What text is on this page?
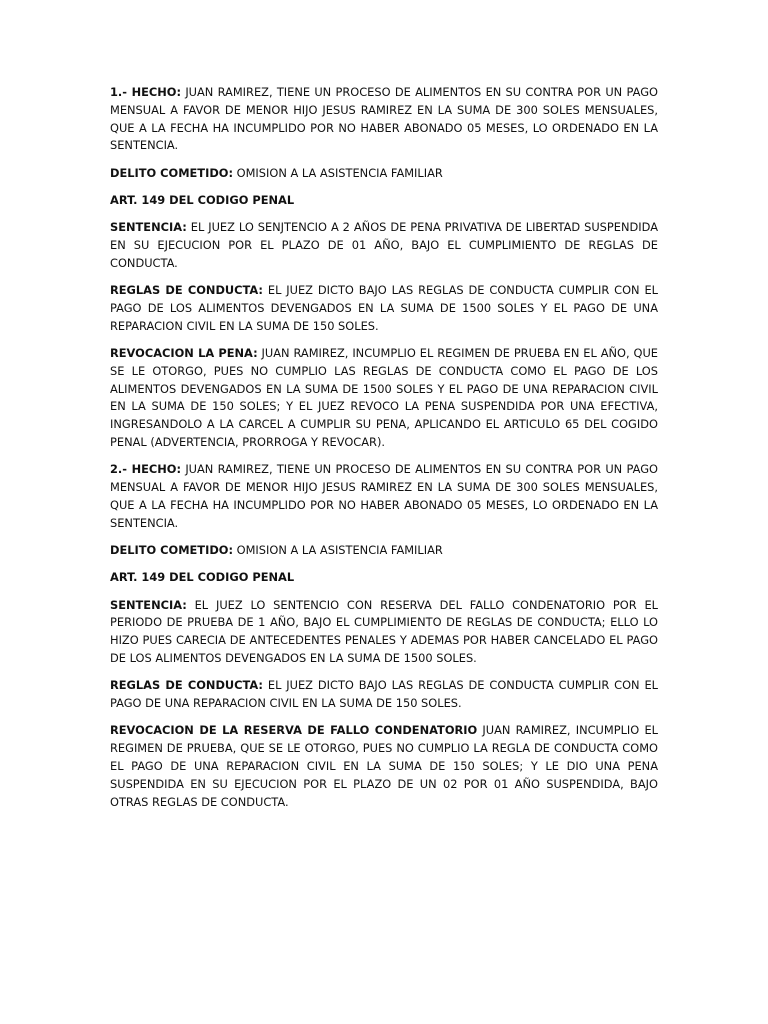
1.- HECHO: JUAN RAMIREZ, TIENE UN PROCESO DE ALIMENTOS EN SU CONTRA POR UN PAGO MENSUAL A FAVOR DE MENOR HIJO JESUS RAMIREZ EN LA SUMA DE 300 SOLES MENSUALES, QUE A LA FECHA HA INCUMPLIDO POR NO HABER ABONADO 05 MESES, LO ORDENADO EN LA SENTENCIA.

DELITO COMETIDO: OMISION A LA ASISTENCIA FAMILIAR

ART. 149 DEL CODIGO PENAL

SENTENCIA: EL JUEZ LO SENJTENCIO A 2 AÑOS DE PENA PRIVATIVA DE LIBERTAD SUSPENDIDA EN SU EJECUCION POR EL PLAZO DE 01 AÑO, BAJO EL CUMPLIMIENTO DE REGLAS DE CONDUCTA.

REGLAS DE CONDUCTA: EL JUEZ DICTO BAJO LAS REGLAS DE CONDUCTA CUMPLIR CON EL PAGO DE LOS ALIMENTOS DEVENGADOS EN LA SUMA DE 1500 SOLES Y EL PAGO DE UNA REPARACION CIVIL EN LA SUMA DE 150 SOLES.

REVOCACION LA PENA: JUAN RAMIREZ, INCUMPLIO EL REGIMEN DE PRUEBA EN EL AÑO, QUE SE LE OTORGO, PUES NO CUMPLIO LAS REGLAS DE CONDUCTA COMO EL PAGO DE LOS ALIMENTOS DEVENGADOS EN LA SUMA DE 1500 SOLES Y EL PAGO DE UNA REPARACION CIVIL EN LA SUMA DE 150 SOLES; Y EL JUEZ REVOCO LA PENA SUSPENDIDA POR UNA EFECTIVA, INGRESANDOLO A LA CARCEL A CUMPLIR SU PENA, APLICANDO EL ARTICULO 65 DEL COGIDO PENAL (ADVERTENCIA, PRORROGA Y REVOCAR).

2.- HECHO: JUAN RAMIREZ, TIENE UN PROCESO DE ALIMENTOS EN SU CONTRA POR UN PAGO MENSUAL A FAVOR DE MENOR HIJO JESUS RAMIREZ EN LA SUMA DE 300 SOLES MENSUALES, QUE A LA FECHA HA INCUMPLIDO POR NO HABER ABONADO 05 MESES, LO ORDENADO EN LA SENTENCIA.

DELITO COMETIDO: OMISION A LA ASISTENCIA FAMILIAR

ART. 149 DEL CODIGO PENAL

SENTENCIA: EL JUEZ LO SENTENCIO CON RESERVA DEL FALLO CONDENATORIO POR EL PERIODO DE PRUEBA DE 1 AÑO, BAJO EL CUMPLIMIENTO DE REGLAS DE CONDUCTA; ELLO LO HIZO PUES CARECIA DE ANTECEDENTES PENALES Y ADEMAS POR HABER CANCELADO EL PAGO DE LOS ALIMENTOS DEVENGADOS EN LA SUMA DE 1500 SOLES.

REGLAS DE CONDUCTA: EL JUEZ DICTO BAJO LAS REGLAS DE CONDUCTA CUMPLIR CON EL PAGO DE UNA REPARACION CIVIL EN LA SUMA DE 150 SOLES.

REVOCACION DE LA RESERVA DE FALLO CONDENATORIO JUAN RAMIREZ, INCUMPLIO EL REGIMEN DE PRUEBA, QUE SE LE OTORGO, PUES NO CUMPLIO LA REGLA DE CONDUCTA COMO EL PAGO DE UNA REPARACION CIVIL EN LA SUMA DE 150 SOLES; Y LE DIO UNA PENA SUSPENDIDA EN SU EJECUCION POR EL PLAZO DE UN 02 POR 01 AÑO SUSPENDIDA, BAJO OTRAS REGLAS DE CONDUCTA.
